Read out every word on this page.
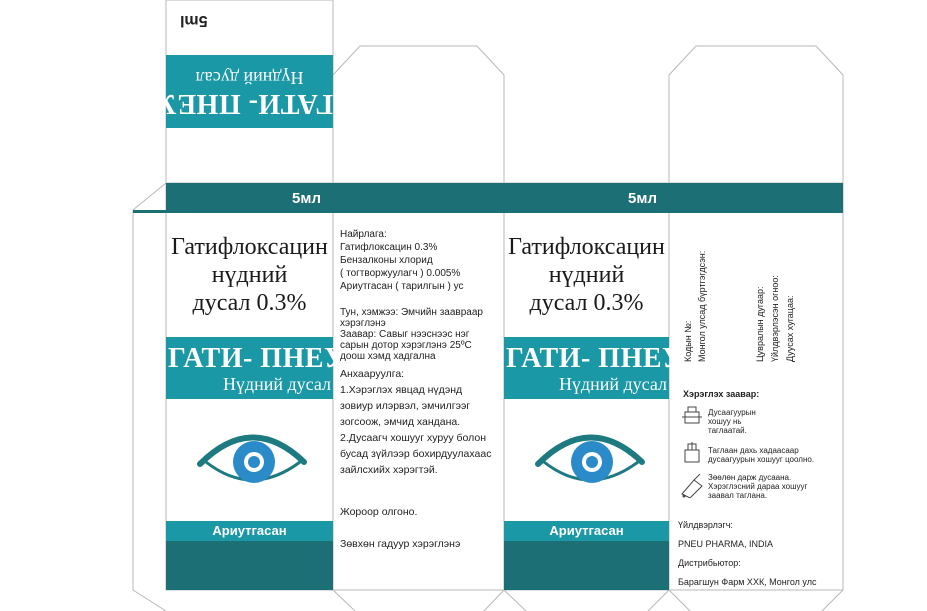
ГАТИ- ПНЕУ
Нүдний дусал
5ml
5мл	5мл
Гатифлоксацин
нүдний
дусал 0.3%
ГАТИ- ПНЕУ
Нүдний дусал
Ариутгасан

Найрлага:

Гатифлоксацин 0.3%

Бензалконы хлорид

( тогтворжуулагч ) 0.005%

Ариутгасан ( тарилгын ) ус

Тун, хэмжээ: Эмчийн заавраар хэрэглэнэ
Заавар: Савыг нээснээс нэг сарын дотор хэрэглэнэ 25ºC доош хэмд хадгална

Анхааруулга:

1.Хэрэглэх явцад нүдэнд зовиур илэрвэл, эмчилгээг зогсоож, эмчид хандана.

2.Дусаагч хошууг хуруу болон бусад зүйлээр бохирдуулахаас зайлсхийх хэрэгтэй.

Жороор олгоно.
Зөвхөн гадуур хэрэглэнэ
Гатифлоксацин
нүдний
дусал 0.3%
ГАТИ- ПНЕУ
Нүдний дусал
Ариутгасан
Кодын №: Монгол улсад бүртгэгдсэн:	Цувралын дугаар: Үйлдвэрлэсэн огноо: Дуусах хугацаа:
Хэрэглэх заавар:
Дусаагуурын хошуу нь таглаатай.
Таглаан дахь хадаасаар дусаагуурын хошууг цоолно.
Зөөлөн дарж дусаана. Хэрэглэсний дараа хошууг заавал таглана.

Үйлдвэрлэгч:

PNEU PHARMA, INDIA

Дистрибьютор:

Барагшун Фарм ХХК, Монгол улс
